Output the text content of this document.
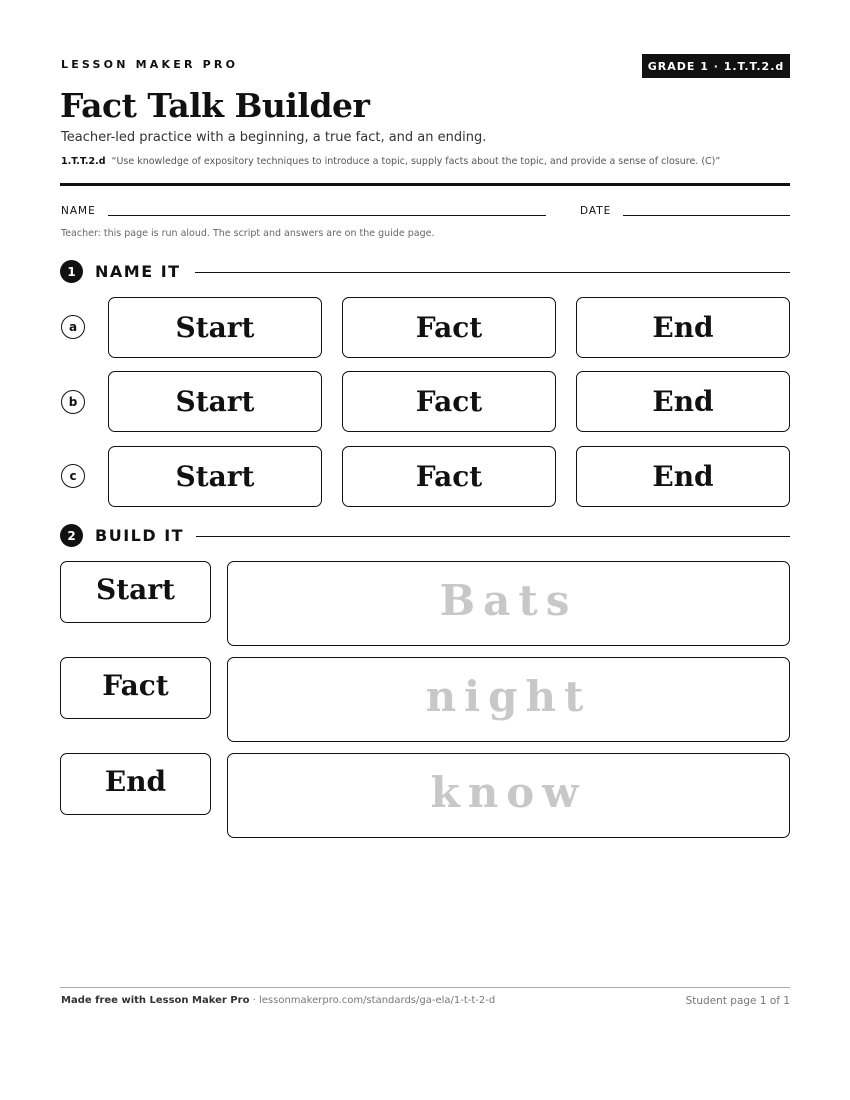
LESSON MAKER PRO	GRADE 1 · 1.T.T.2.d
Fact Talk Builder
Teacher-led practice with a beginning, a true fact, and an ending.
1.T.T.2.d “Use knowledge of expository techniques to introduce a topic, supply facts about the topic, and provide a sense of closure. (C)”
NAME	DATE
Teacher: this page is run aloud. The script and answers are on the guide page.
1	NAME IT
a	Start	Fact	End
b	Start	Fact	End
c	Start	Fact	End
2	BUILD IT
Start	Bats
Fact	night
End	know
Made free with Lesson Maker Pro · lessonmakerpro.com/standards/ga-ela/1-t-t-2-d	Student page 1 of 1
